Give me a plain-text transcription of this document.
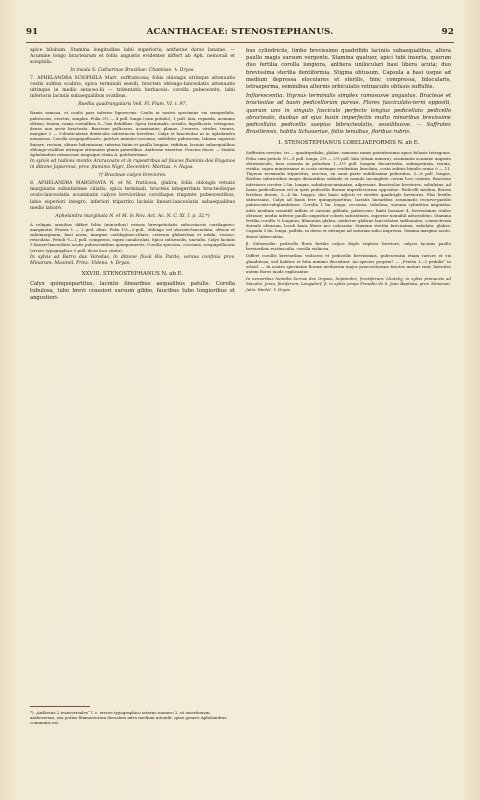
91	ACANTHACEAE: STENOSTEPHANUS.	92

apice bilobum. Stamina longitudine labii superioris; antherae dorso lanatae. — Acumine longo bractearum et foliis angustis evidenter differt ab Aph. nemorali et sciophila.

In insula S. Catharinae Brasiliae: Chamisso. ♄ Dryas.

7. APHELANDRA SCIOPHILA Mart. suffruticosa; foliis oblongis utrinque attenuatis costis subtus scabris; spica terminali sessili, bracteis oblongo-lanceolatis attenuatis utrinque in medio setaceo-lii — tridentatis herbaceis: corolla pubescente, labii inferioris laciniis subaequalibus ovatibus.

Ruellia quadrangularis Vell. Fl. Flum. VI. t. 97.

Ramis ramosa, et caulis pars inferior lignescens. Caulis in nostro specimine vix semipedalis, pubescens, erectus, simplex. Folia 3½ — 4 poll. longa (cum petiolo), 1 poll. lata, repanda, acumine obtuso, teneta, ramis costulibus 8—7nis debilibus. Spica terminalis, sessilis, bipollicaris, tetragona, dense non arcte bracteata. Bracteae pollicares, acuminatae, planae, 3-nerves, virides, tenues, margine 2 — 3-denticulatae denticulis subsetaceis brevibus. Calyx et bracteolae ut in Aphelandra nemorosa. Corolla sesquipollicaris, pulchre miniato-coccinea, subtiliter pubescens; labium superius lineare, rectum, obtuse bidentatum; inferius fatim et paullo longius, trifidum, laciniis subaequalibus oblongo-ovalibus utrinque attenuatis planis patentibus. Antherae exsertae. Fructus decst. — Similis Aphelandrae nemorosae magisque etiam A. pulcherrimae.

In sylvis ad radices montis Araracoara et in rupestribus ad fauces fluminis dos Enganos in ditione Japurensi, prov. fluminis Nigri, Decembri: Martius. ♄ Najas.

†† Bracteae calyce breviores.

8. APHELANDRA MARGINATA N. et M. fruticosa, glabra; foliis oblongis retusis marginatis subintisimse ciliatis; spica terminali, bracteis integerrimis bracteolisque ovato-lanceolatis acuminatis calyce brevioribus corollaque ringente pubescentibus, labio superiori integro, inferiori tripartito laciniis lineari-lanceolatis subaequalibus medio latiore.

Aphelandra marginata N. et M. in Nov. Act. Ac. N. C. XI. I. p. 32.*)

A reliquis omnibus differt foliis (minoribus) retusis brevipetiolatis subcoriaceis cartilagineo-marginatis. Frutex 1 — 2 ped. altus. Folia 1½—2-poll., oblongo vel obovato-lanceolata, obtusa et subemarginata, basi acuta, margine cartilagineo-ciliato, ceterum glaberrima et nitida, venoso-reticulata. Petioli ⅛—1 poll. compressi, supra canaliculati. Spica subsessilis, unctalis. Calyx laciniis 5 lineari-lanceolatis acutis pubescentibus quinquenervis. Corolla speciosa, coccinea, sesquipollicaris (errore typographico 5 poll. dicta loco citato).

In sylvis ad Barra das Varedas, in ditione fluvii Rio Pardo, versus confinia prov. Minarum: Maximil. Princ. Videns. ♄ Dryas.

XXVIII. STENOSTEPHANUS N. ab E.

Calyx quinquepartitus, laciniis linearibus aequalibus patulis. Corolla tubulosa, tubo brevi crassiori sursum gibbo, faucibus tubo longioribus et angustiori-

*) „Antherae 2 transversales“ l. c. errore typographico interno numero 2, ut insertionem antherarum, seu potius filamentorum dorsalem infra medium intendit, quae genere Aphelandrae communis est.

bus cylindriciis, limbo brevissimo quadrifido laciniis subaequalibus, altera paullo magis sursum vergente. Stamina quatuor, apici tubi inserta, quorum duo fertilia corolla longiora, anthera uniloculari basi libera acuta; duo brevissima sterilia dentiformia. Stigma obtusum. Capsula a basi usque ad medium depressa eloculares et sterilis, hinc compressa, bilocularis, tetrasperma, seminibus alternis orbiculatis retinaculis obtusis suffultis.

Inflorescentia: thyrsus terminalis simplex ramosusve angustus. Bracteae et bracteolae ad basin pedicellorum parvae. Flores fasciculato-terni oppositi, quorum uno in singulo fasciculo perfecto longius pedicellato pedicello abracteato, duobus ad ejus basin imperfectis multo minoribus brevissime pedicellatis pedicellis saepius bibracteolatis, sessilibusve. — Suffrutex Brasiliensis, habitu Schaueriae, foliis tenuibus, floribus rubris.

1. STENOSTEPHANUS LOBELIAEFORMIS N. ab E.

Suffrutex erectus, tri — quadripedalis, glaber, ramosus ramis patentissimis apice foliosis tetragonis. Folia cum petiolo 10—5 poll. longa, 2¼ — 2½ poll. lata (etiam minora), acuminata acumine angusto obtusiusculo, basi cuneata in petiolum 1—1½ poll. longum decurrentia, submgrenata, tenuia, viridia, supra minutissime in costa utrinque evidentius lineolata, costa subtus binulis ramis 9 — 11. Thyrsus terminalis tripartitus, erectus, ex omni parte subtilissime puberulus, 3—6 poll. longus, floribus inferioribus magis distantibus subinde et ramulo incomplete corum loco orienta. Bracteae inferiores circiter 2 lin. longae, subulatoacuminatae, adpressae. Bracteolae breviores, subulatae, ad basin pedicellorum vel in ipsis pedicellis florum imperfectorum oppositae. Pedicelli medius, florem fertilem ferens, 3—4 lin. longus, duo basic adjecti et steriles quadruple breviores. Flos fertilis subsessans. Calyx ad basin fere quinquepartitus, laciniis linearibus acuminatis recurvo-patulis pubescenti-subglandulosis. Corolla 1 lin. longa, coccinea, tubulosa, sursum cylindrica angustior, infra medium nonnihil inflata et sursum gibbula, pubescens; limbi laciniae 4, brevissimae ovales obtusae; media inferior paullo angustior coloris saturatioris, superior nonnihil adscendens. Stamina fertilia corolla ¼ longiora; filamenta glabra; antherae glabrae lanceolatae sublunatae; connectivum dorsale obtusum; loculi basis libera nec calcarata. Stamina sterilia brevissima, subulata, glabra. Capsula 5 lin. longa, pallida, in dorso et utrinque ad suturam sulco impressa. Semina margine acuto, dense tuberculata.

β. Subsessilis: pedicello floris fertilis calyce duplo triplove breviore, calycis laciniis paullo brevioribus rectiusculis, corolla violacea.

Differt corollis brevioribus violaceis et pedicellis brevissimis, pubescentia etiam rariore et vix glandulosa, sed habitus et folia minime discedunt. An species propria? — „Frutex 1—2 pedalis“ in sched. — In nostro specimine florum mediorum major praecoctiorum fructus maturi sunt, laterales autem flores mode explicantur.

In nemoribus humidis Serrae dos Orgaos, Septembri, fructiferum: Lhotzky; in sylvis primaevis ad Macahé, Jenio, floriferum: Langsdorf. β. in sylvis prope Presidio de S. Joao Baptista, prov. Minarum, Julio: Riedel. ♄ Dryas.
